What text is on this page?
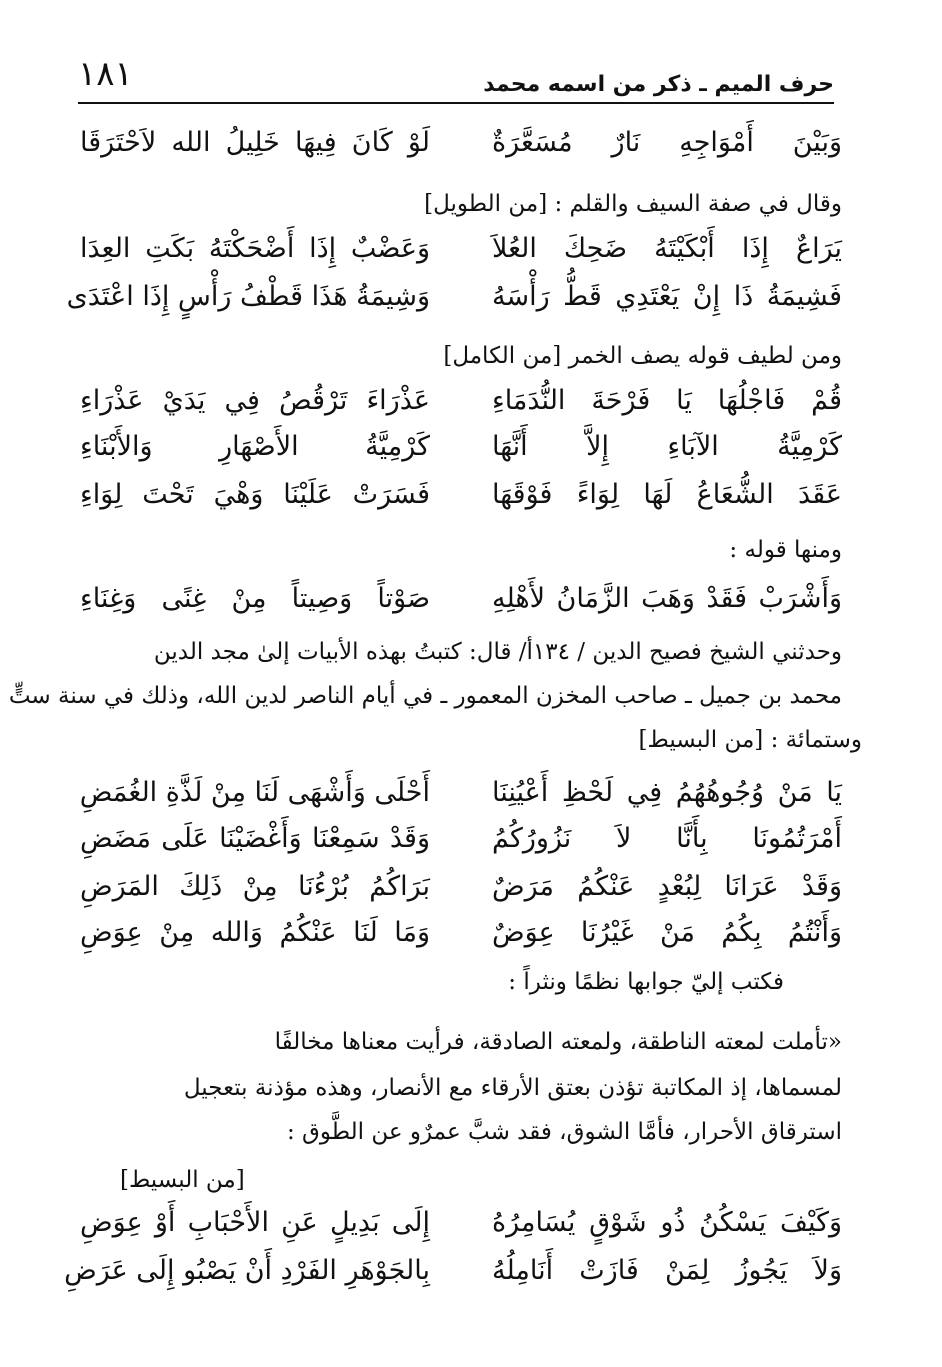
١٨١	حرف الميم ـ ذكر من اسمه محمد
وَبَيْنَ أَمْوَاجِهِ نَارٌ مُسَعَّرَةٌ
لَوْ كَانَ فِيهَا خَلِيلُ الله لاَحْتَرَقَا
وقال في صفة السيف والقلم : [من الطويل]
يَرَاعٌ إِذَا أَبْكَيْتَهُ ضَحِكَ العُلاَ
وَعَضْبٌ إِذَا أَضْحَكْتَهُ بَكَتِ العِدَا
فَشِيمَةُ ذَا إِنْ يَعْتَدِي قَطُّ رَأْسَهُ
وَشِيمَةُ هَذَا قَطْفُ رَأْسٍ إِذَا اعْتَدَى
ومن لطيف قوله يصف الخمر [من الكامل]
قُمْ فَاجْلُهَا يَا فَرْحَةَ النُّدَمَاءِ
عَذْرَاءَ تَرْقُصُ فِي يَدَيْ عَذْرَاءِ
كَرْمِيَّةُ الآبَاءِ إِلاَّ أَنَّهَا
كَرْمِيَّةُ الأَصْهَارِ وَالأَبْنَاءِ
عَقَدَ الشُّعَاعُ لَهَا لِوَاءً فَوْقَهَا
فَسَرَتْ عَلَيْنَا وَهْيَ تَحْتَ لِوَاءِ
ومنها قوله :
وَأَشْرَبْ فَقَدْ وَهَبَ الزَّمَانُ لأَهْلِهِ
صَوْتاً وَصِيتاً مِنْ غِنًى وَغِنَاءِ
وحدثني الشيخ فصيح الدين / ١٣٤أ/ قال: كتبتُ بهذه الأبيات إلىٰ مجد الدين
محمد بن جميل ـ صاحب المخزن المعمور ـ في أيام الناصر لدين الله، وذلك في سنة ستٍّ
وستمائة : [من البسيط]
يَا مَنْ وُجُوهُهُمُ فِي لَحْظِ أَعْيُنِنَا
أَحْلَى وَأَشْهَى لَنَا مِنْ لَذَّةِ الغُمَضِ
أَمْرَتُمُونَا بِأَنَّا لاَ نَزُورُكُمُ
وَقَدْ سَمِعْنَا وَأَغْضَيْنَا عَلَى مَضَضِ
وَقَدْ عَرَانَا لِبُعْدٍ عَنْكُمُ مَرَضٌ
بَرَاكُمُ بُرْءُنَا مِنْ ذَلِكَ المَرَضِ
وَأَنْتُمُ بِكُمُ مَنْ غَيْرُنَا عِوَضٌ
وَمَا لَنَا عَنْكُمُ وَالله مِنْ عِوَضِ
فكتب إليّ جوابها نظمًا ونثراً :
«تأملت لمعته الناطقة، ولمعته الصادقة، فرأيت معناها مخالفًا
لمسماها، إذ المكاتبة تؤذن بعتق الأرقاء مع الأنصار، وهذه مؤذنة بتعجيل
استرقاق الأحرار، فأمَّا الشوق، فقد شبَّ عمرٌو عن الطَّوق :
[من البسيط]
وَكَيْفَ يَسْكُنُ ذُو شَوْقٍ يُسَامِرُهُ
إِلَى بَدِيلٍ عَنِ الأَحْبَابِ أَوْ عِوَضِ
وَلاَ يَجُوزُ لِمَنْ فَازَتْ أَنَامِلُهُ
بِالجَوْهَرِ الفَرْدِ أَنْ يَصْبُو إِلَى عَرَضِ
